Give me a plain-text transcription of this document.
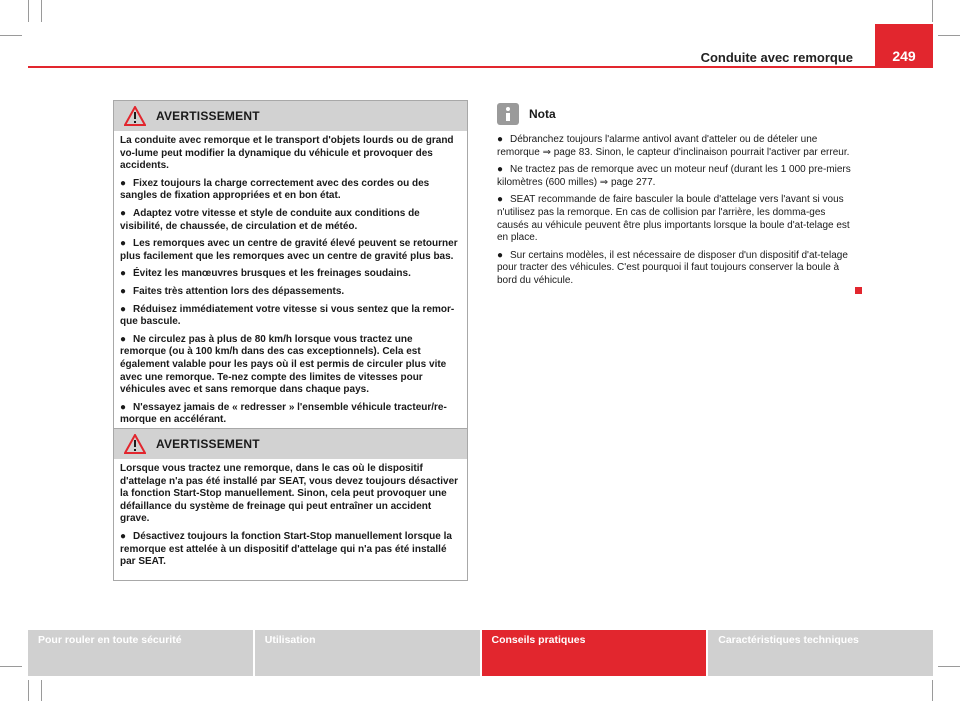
Conduite avec remorque	249
AVERTISSEMENT

La conduite avec remorque et le transport d'objets lourds ou de grand vo-lume peut modifier la dynamique du véhicule et provoquer des accidents.

● Fixez toujours la charge correctement avec des cordes ou des sangles de fixation appropriées et en bon état.

● Adaptez votre vitesse et style de conduite aux conditions de visibilité, de chaussée, de circulation et de météo.

● Les remorques avec un centre de gravité élevé peuvent se retourner plus facilement que les remorques avec un centre de gravité plus bas.

● Évitez les manœuvres brusques et les freinages soudains.

● Faites très attention lors des dépassements.

● Réduisez immédiatement votre vitesse si vous sentez que la remor-que bascule.

● Ne circulez pas à plus de 80 km/h lorsque vous tractez une remorque (ou à 100 km/h dans des cas exceptionnels). Cela est également valable pour les pays où il est permis de circuler plus vite avec une remorque. Te-nez compte des limites de vitesses pour véhicules avec et sans remorque dans chaque pays.

● N'essayez jamais de « redresser » l'ensemble véhicule tracteur/re-morque en accélérant.

AVERTISSEMENT

Lorsque vous tractez une remorque, dans le cas où le dispositif d'attelage n'a pas été installé par SEAT, vous devez toujours désactiver la fonction Start-Stop manuellement. Sinon, cela peut provoquer une défaillance du système de freinage qui peut entraîner un accident grave.

● Désactivez toujours la fonction Start-Stop manuellement lorsque la remorque est attelée à un dispositif d'attelage qui n'a pas été installé par SEAT.

Nota

● Débranchez toujours l'alarme antivol avant d'atteler ou de dételer une remorque ⇒ page 83. Sinon, le capteur d'inclinaison pourrait l'activer par erreur.

● Ne tractez pas de remorque avec un moteur neuf (durant les 1 000 pre-miers kilomètres (600 milles) ⇒ page 277.

● SEAT recommande de faire basculer la boule d'attelage vers l'avant si vous n'utilisez pas la remorque. En cas de collision par l'arrière, les domma-ges causés au véhicule peuvent être plus importants lorsque la boule d'at-telage est en place.

● Sur certains modèles, il est nécessaire de disposer d'un dispositif d'at-telage pour tracter des véhicules. C'est pourquoi il faut toujours conserver la boule à bord du véhicule.

Pour rouler en toute sécurité	Utilisation	Conseils pratiques	Caractéristiques techniques
